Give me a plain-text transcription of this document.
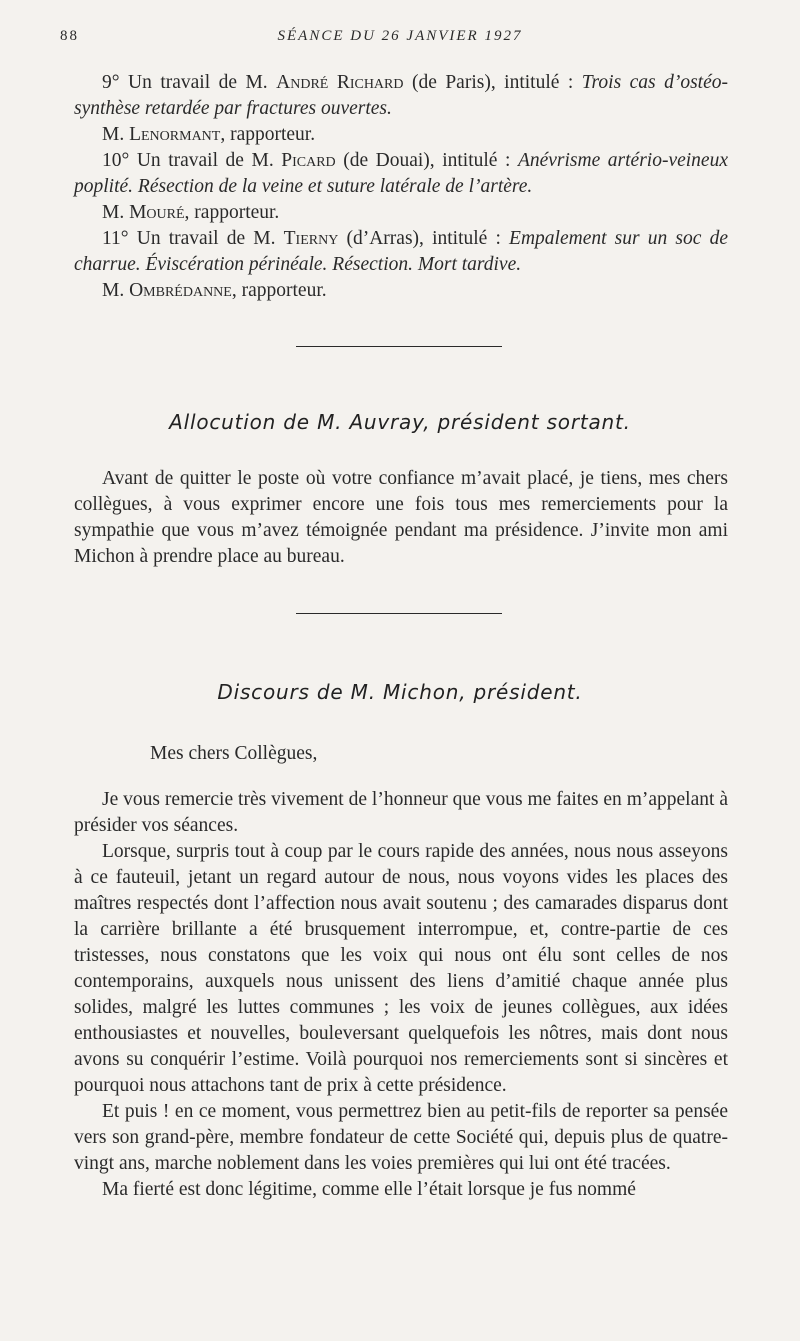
88	SÉANCE DU 26 JANVIER 1927

9° Un travail de M. André Richard (de Paris), intitulé : Trois cas d’ostéosynthèse retardée par fractures ouvertes.

M. Lenormant, rapporteur.

10° Un travail de M. Picard (de Douai), intitulé : Anévrisme artério-veineux poplité. Résection de la veine et suture latérale de l’artère.

M. Mouré, rapporteur.

11° Un travail de M. Tierny (d’Arras), intitulé : Empalement sur un soc de charrue. Éviscération périnéale. Résection. Mort tardive.

M. Ombrédanne, rapporteur.

Allocution de M. Auvray, président sortant.

Avant de quitter le poste où votre confiance m’avait placé, je tiens, mes chers collègues, à vous exprimer encore une fois tous mes remerciements pour la sympathie que vous m’avez témoignée pendant ma présidence. J’invite mon ami Michon à prendre place au bureau.

Discours de M. Michon, président.

Mes chers Collègues,

Je vous remercie très vivement de l’honneur que vous me faites en m’appelant à présider vos séances.

Lorsque, surpris tout à coup par le cours rapide des années, nous nous asseyons à ce fauteuil, jetant un regard autour de nous, nous voyons vides les places des maîtres respectés dont l’affection nous avait soutenu ; des camarades disparus dont la carrière brillante a été brusquement interrompue, et, contre-partie de ces tristesses, nous constatons que les voix qui nous ont élu sont celles de nos contemporains, auxquels nous unissent des liens d’amitié chaque année plus solides, malgré les luttes communes ; les voix de jeunes collègues, aux idées enthousiastes et nouvelles, bouleversant quelquefois les nôtres, mais dont nous avons su conquérir l’estime. Voilà pourquoi nos remerciements sont si sincères et pourquoi nous attachons tant de prix à cette présidence.

Et puis ! en ce moment, vous permettrez bien au petit-fils de reporter sa pensée vers son grand-père, membre fondateur de cette Société qui, depuis plus de quatre-vingt ans, marche noblement dans les voies premières qui lui ont été tracées.

Ma fierté est donc légitime, comme elle l’était lorsque je fus nommé
